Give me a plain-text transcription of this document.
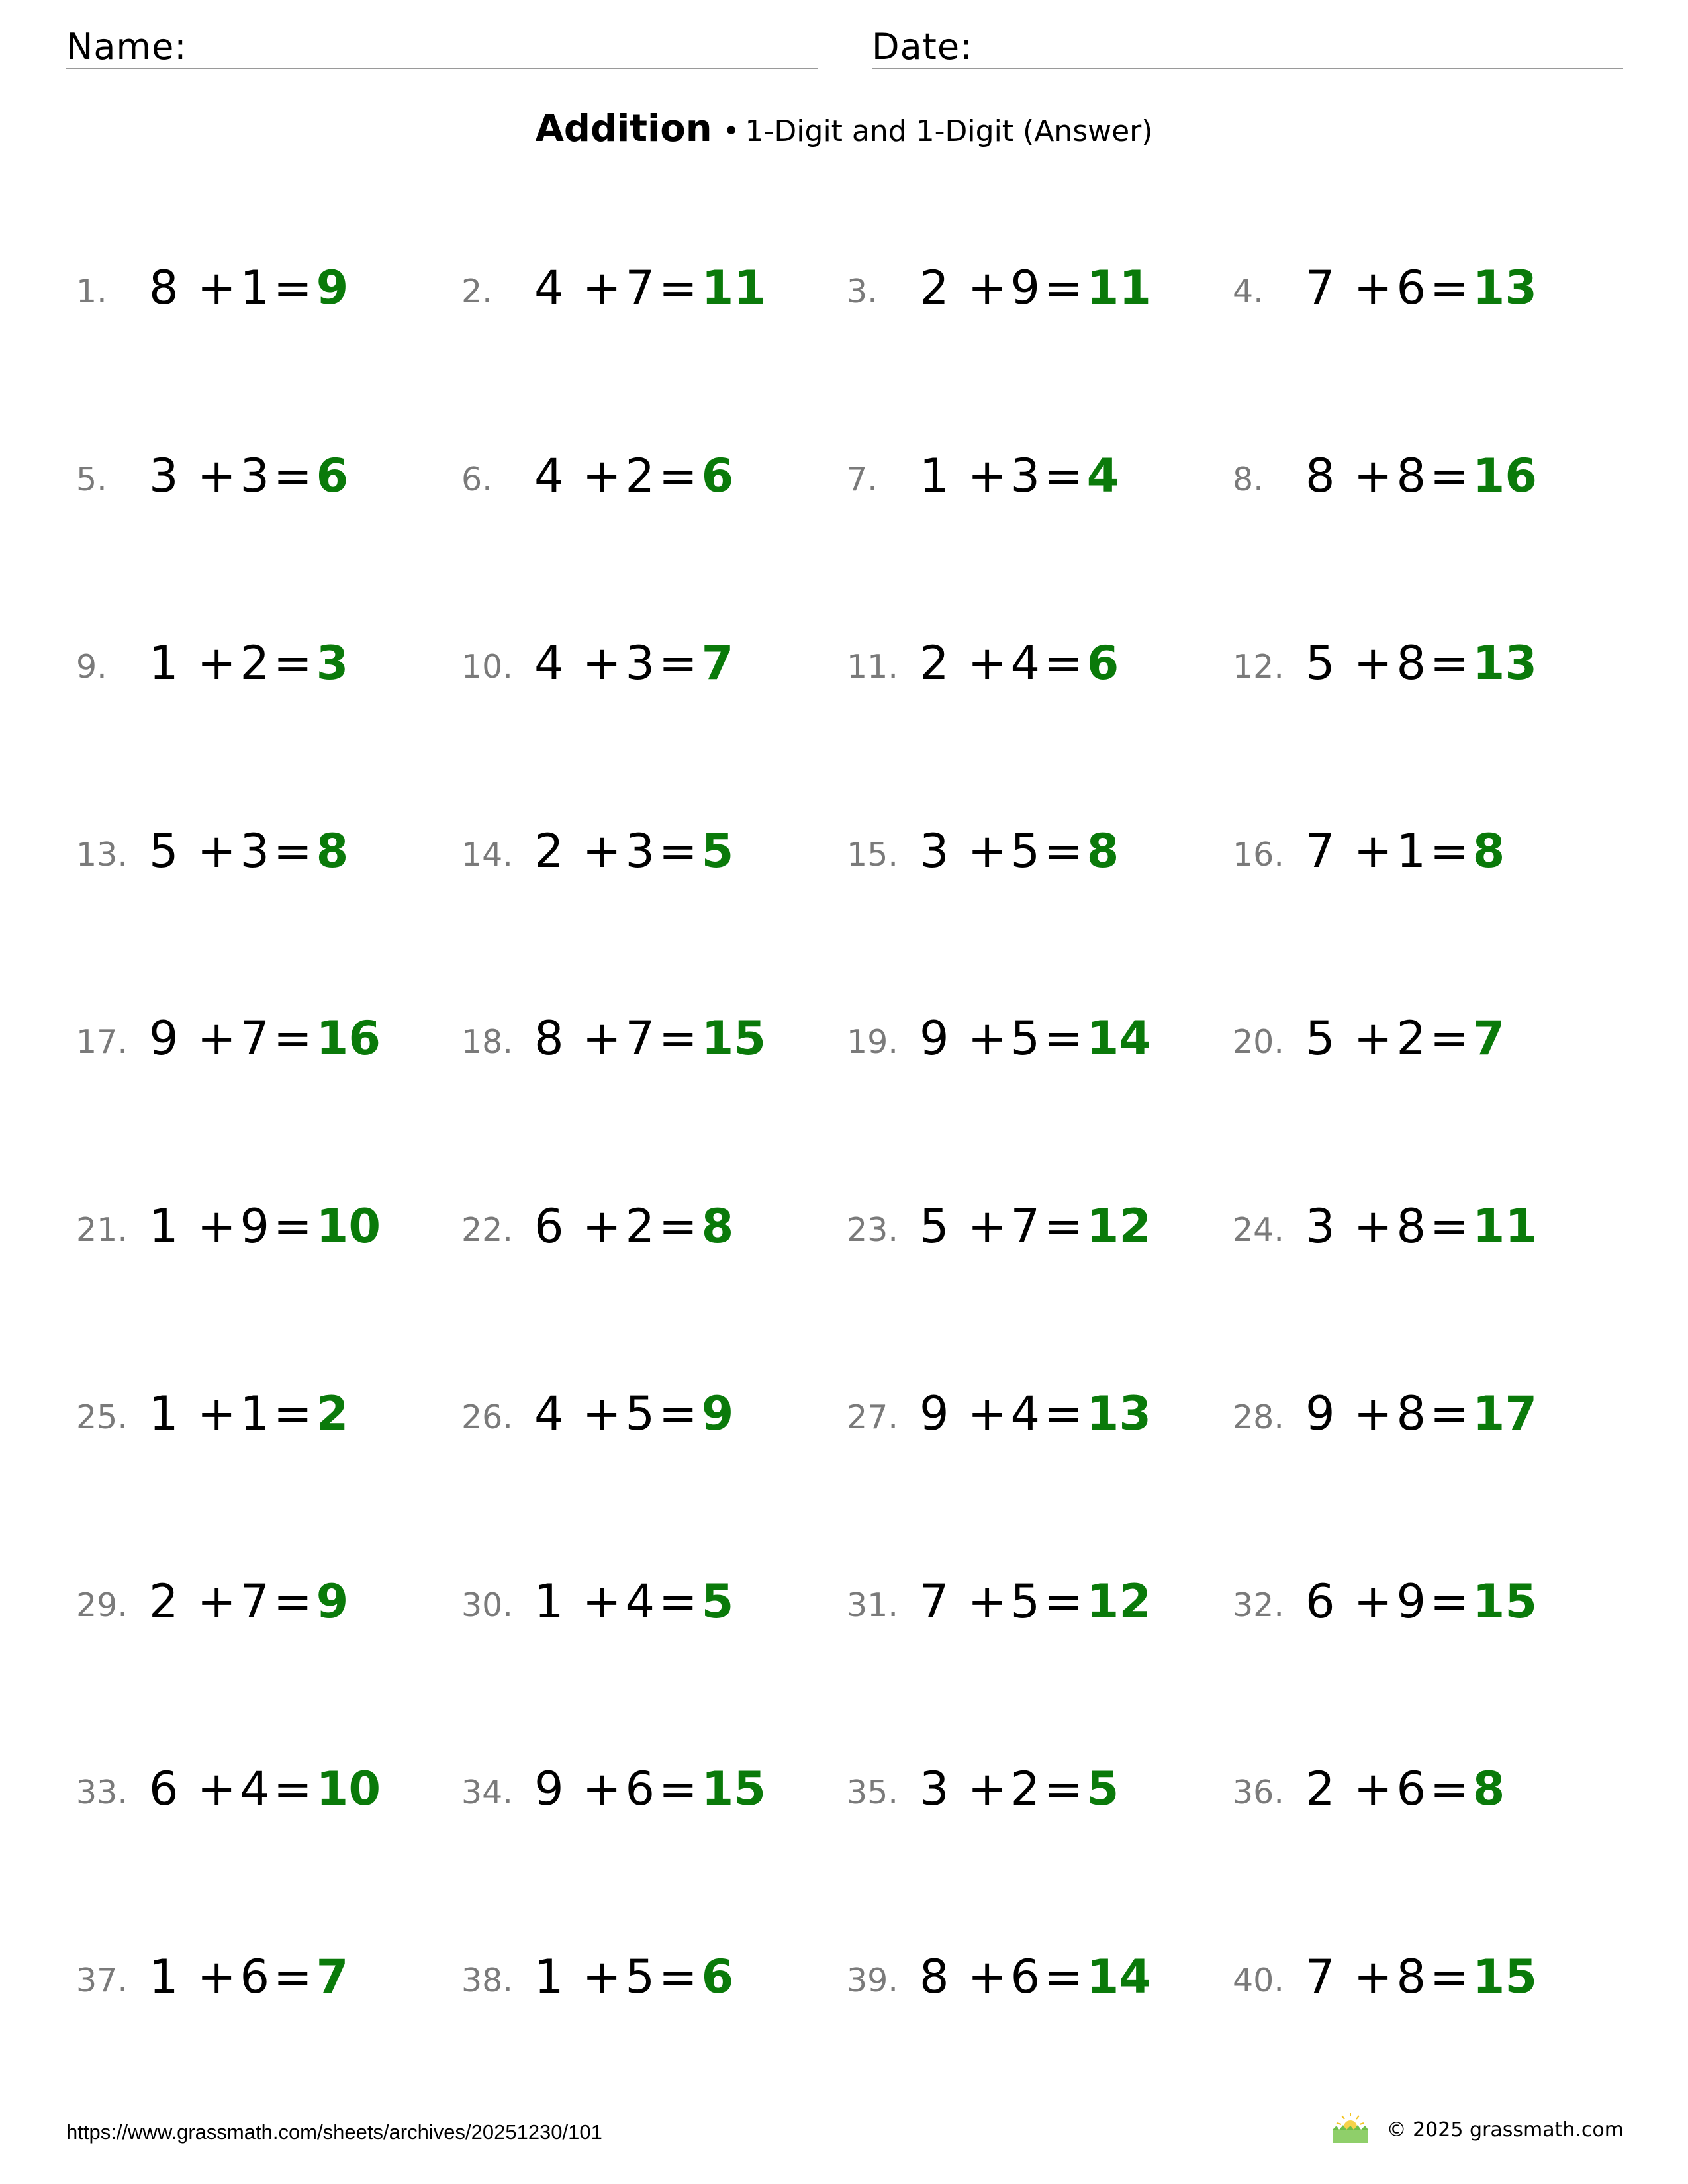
Name:	Date:
Addition • 1-Digit and 1-Digit (Answer)
1. 8 +1=9	2. 4 +7=11 3. 2 +9=11	4. 7 +6=13
5. 3 +3=6	6. 4 +2=6	7. 1 +3=4	8. 8 +8=16
9. 1 +2=3	10. 4 +3=7	11. 2 +4=6	12. 5 +8=13
13. 5 +3=8	14. 2 +3=5	15. 3 +5=8	16. 7 +1=8
17. 9 +7=16 18. 8 +7=15 19. 9 +5=14	20. 5 +2=7
21. 1 +9=10 22. 6 +2=8	23. 5 +7=12	24. 3 +8=11
25. 1 +1=2	26. 4 +5=9	27. 9 +4=13	28. 9 +8=17
29. 2 +7=9	30. 1 +4=5	31. 7 +5=12	32. 6 +9=15
33. 6 +4=10 34. 9 +6=15 35. 3 +2=5	36. 2 +6=8
37. 1 +6=7	38. 1 +5=6	39. 8 +6=14	40. 7 +8=15
https://www.grassmath.com/sheets/archives/20251230/101	© 2025 grassmath.com
